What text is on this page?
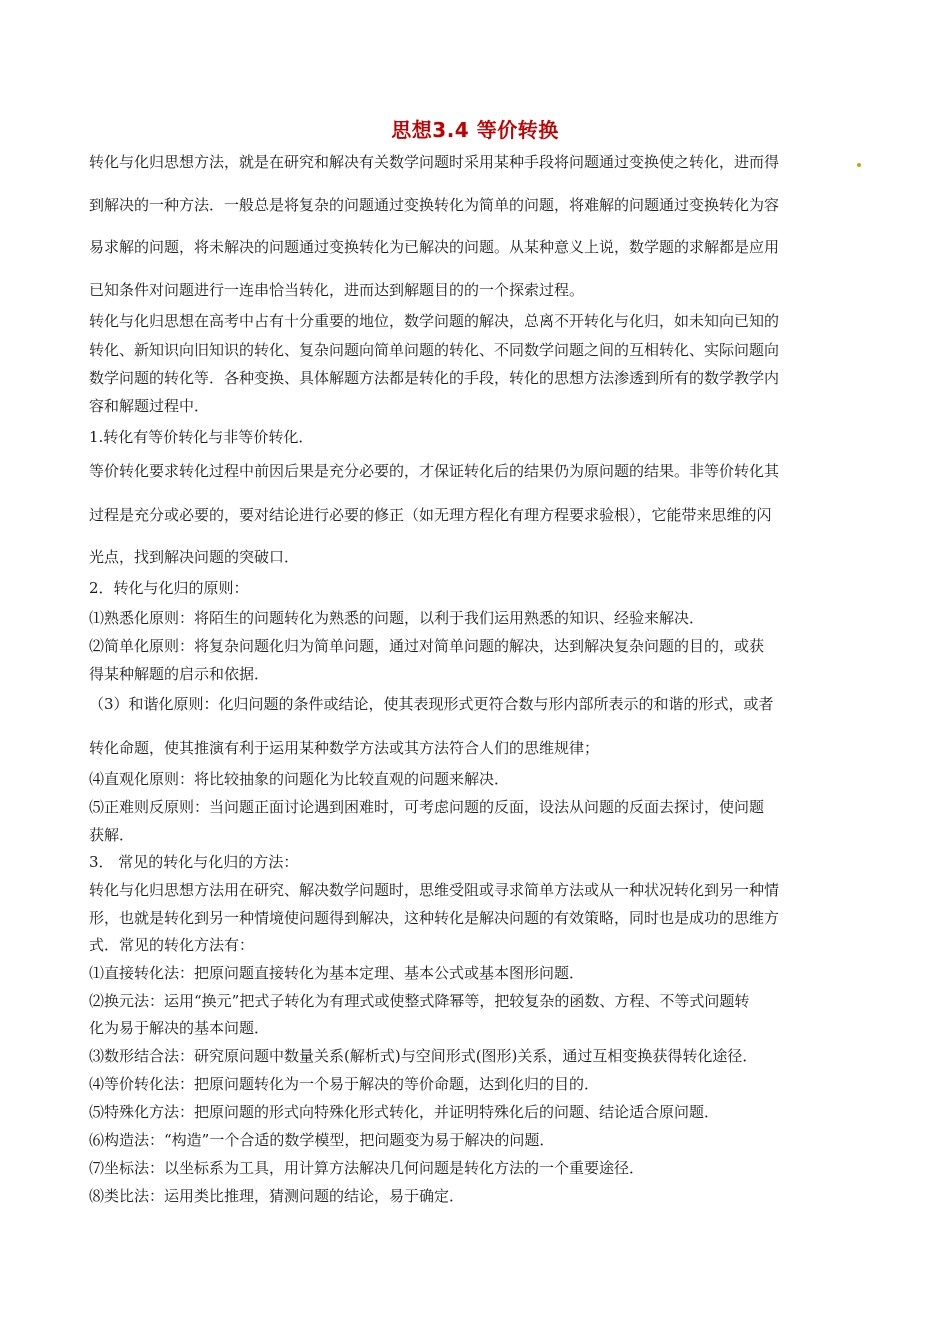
思想3.4 等价转换

转化与化归思想方法，就是在研究和解决有关数学问题时采用某种手段将问题通过变换使之转化，进而得

到解决的一种方法．一般总是将复杂的问题通过变换转化为简单的问题，将难解的问题通过变换转化为容

易求解的问题，将未解决的问题通过变换转化为已解决的问题。从某种意义上说，数学题的求解都是应用

已知条件对问题进行一连串恰当转化，进而达到解题目的的一个探索过程。

转化与化归思想在高考中占有十分重要的地位，数学问题的解决，总离不开转化与化归，如未知向已知的

转化、新知识向旧知识的转化、复杂问题向简单问题的转化、不同数学问题之间的互相转化、实际问题向

数学问题的转化等．各种变换、具体解题方法都是转化的手段，转化的思想方法渗透到所有的数学教学内

容和解题过程中．

1.转化有等价转化与非等价转化．

等价转化要求转化过程中前因后果是充分必要的，才保证转化后的结果仍为原问题的结果。非等价转化其

过程是充分或必要的，要对结论进行必要的修正（如无理方程化有理方程要求验根），它能带来思维的闪

光点，找到解决问题的突破口．

2．转化与化归的原则：

⑴熟悉化原则：将陌生的问题转化为熟悉的问题，以利于我们运用熟悉的知识、经验来解决．

⑵简单化原则：将复杂问题化归为简单问题，通过对简单问题的解决，达到解决复杂问题的目的，或获

得某种解题的启示和依据．

（3）和谐化原则：化归问题的条件或结论，使其表现形式更符合数与形内部所表示的和谐的形式，或者

转化命题，使其推演有利于运用某种数学方法或其方法符合人们的思维规律；

⑷直观化原则：将比较抽象的问题化为比较直观的问题来解决．

⑸正难则反原则：当问题正面讨论遇到困难时，可考虑问题的反面，设法从问题的反面去探讨，使问题

获解．

3． 常见的转化与化归的方法：

转化与化归思想方法用在研究、解决数学问题时，思维受阻或寻求简单方法或从一种状况转化到另一种情

形，也就是转化到另一种情境使问题得到解决，这种转化是解决问题的有效策略，同时也是成功的思维方

式．常见的转化方法有：

⑴直接转化法：把原问题直接转化为基本定理、基本公式或基本图形问题．

⑵换元法：运用“换元”把式子转化为有理式或使整式降幂等，把较复杂的函数、方程、不等式问题转

化为易于解决的基本问题．

⑶数形结合法：研究原问题中数量关系(解析式)与空间形式(图形)关系，通过互相变换获得转化途径．

⑷等价转化法：把原问题转化为一个易于解决的等价命题，达到化归的目的．

⑸特殊化方法：把原问题的形式向特殊化形式转化，并证明特殊化后的问题、结论适合原问题．

⑹构造法：“构造”一个合适的数学模型，把问题变为易于解决的问题．

⑺坐标法：以坐标系为工具，用计算方法解决几何问题是转化方法的一个重要途径．

⑻类比法：运用类比推理，猜测问题的结论，易于确定．
